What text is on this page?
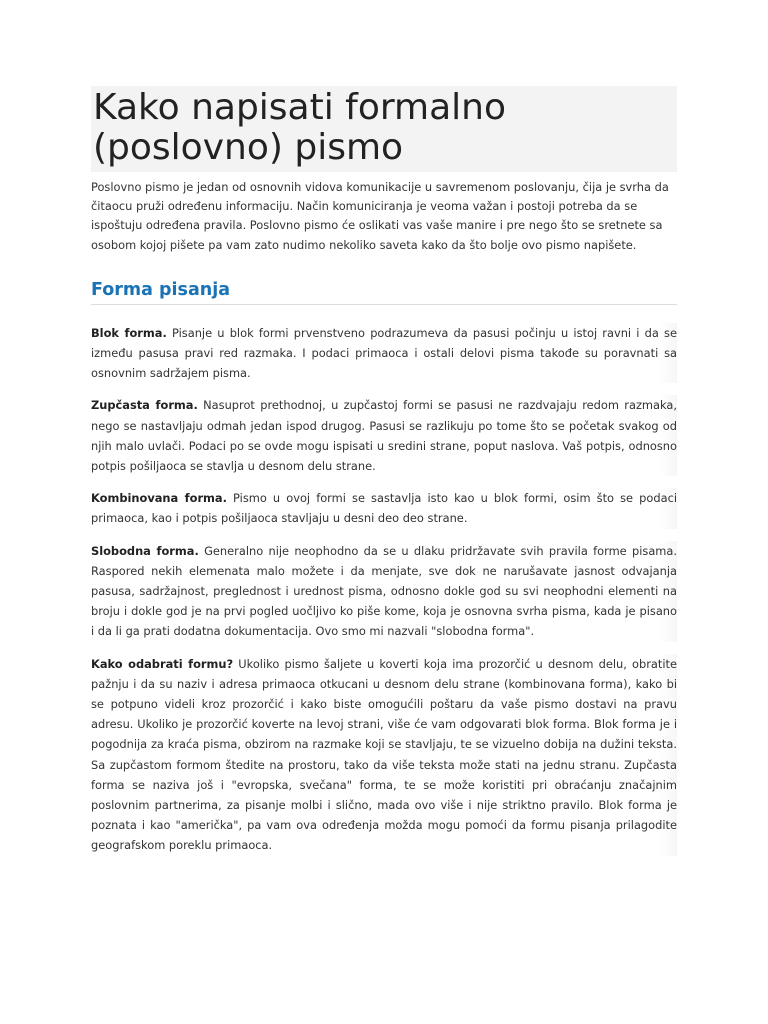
Kako napisati formalno (poslovno) pismo

Poslovno pismo je jedan od osnovnih vidova komunikacije u savremenom poslovanju, čija je svrha da čitaocu pruži određenu informaciju. Način komuniciranja je veoma važan i postoji potreba da se ispoštuju određena pravila. Poslovno pismo će oslikati vas vaše manire i pre nego što se sretnete sa osobom kojoj pišete pa vam zato nudimo nekoliko saveta kako da što bolje ovo pismo napišete.

Forma pisanja

Blok forma. Pisanje u blok formi prvenstveno podrazumeva da pasusi počinju u istoj ravni i da se između pasusa pravi red razmaka. I podaci primaoca i ostali delovi pisma takođe su poravnati sa osnovnim sadržajem pisma.

Zupčasta forma. Nasuprot prethodnoj, u zupčastoj formi se pasusi ne razdvajaju redom razmaka, nego se nastavljaju odmah jedan ispod drugog. Pasusi se razlikuju po tome što se početak svakog od njih malo uvlači. Podaci po se ovde mogu ispisati u sredini strane, poput naslova. Vaš potpis, odnosno potpis pošiljaoca se stavlja u desnom delu strane.

Kombinovana forma. Pismo u ovoj formi se sastavlja isto kao u blok formi, osim što se podaci primaoca, kao i potpis pošiljaoca stavljaju u desni deo deo strane.

Slobodna forma. Generalno nije neophodno da se u dlaku pridržavate svih pravila forme pisama. Raspored nekih elemenata malo možete i da menjate, sve dok ne narušavate jasnost odvajanja pasusa, sadržajnost, preglednost i urednost pisma, odnosno dokle god su svi neophodni elementi na broju i dokle god je na prvi pogled uočljivo ko piše kome, koja je osnovna svrha pisma, kada je pisano i da li ga prati dodatna dokumentacija. Ovo smo mi nazvali "slobodna forma".

Kako odabrati formu? Ukoliko pismo šaljete u koverti koja ima prozorčić u desnom delu, obratite pažnju i da su naziv i adresa primaoca otkucani u desnom delu strane (kombinovana forma), kako bi se potpuno videli kroz prozorčić i kako biste omogućili poštaru da vaše pismo dostavi na pravu adresu. Ukoliko je prozorčić koverte na levoj strani, više će vam odgovarati blok forma. Blok forma je i pogodnija za kraća pisma, obzirom na razmake koji se stavljaju, te se vizuelno dobija na dužini teksta. Sa zupčastom formom štedite na prostoru, tako da više teksta može stati na jednu stranu. Zupčasta forma se naziva još i "evropska, svečana" forma, te se može koristiti pri obraćanju značajnim poslovnim partnerima, za pisanje molbi i slično, mada ovo više i nije striktno pravilo. Blok forma je poznata i kao "američka", pa vam ova određenja možda mogu pomoći da formu pisanja prilagodite geografskom poreklu primaoca.
